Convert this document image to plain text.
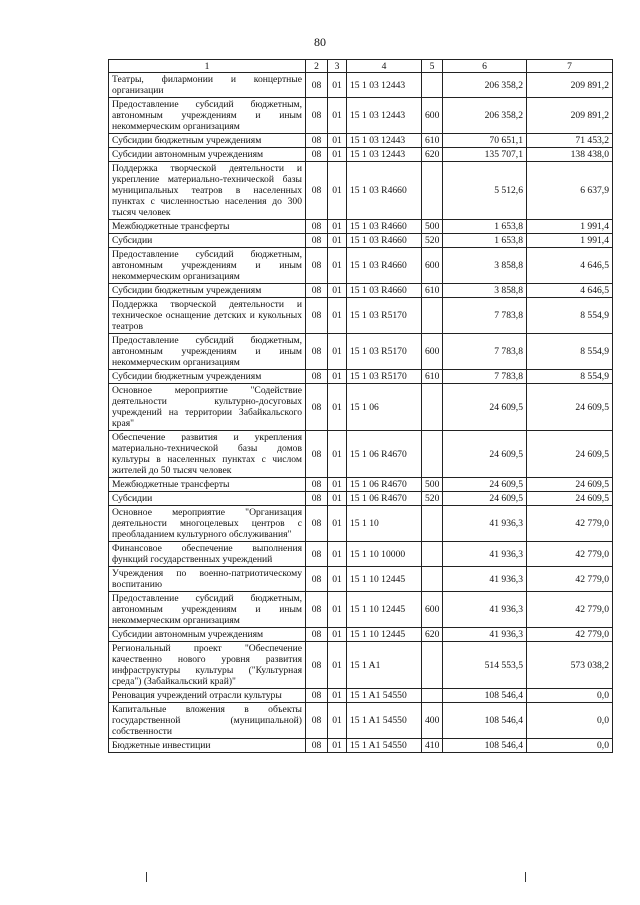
80
1	2	3	4	5	6	7
Театры, филармонии и концертные организации	08	01	15 1 03 12443		206 358,2	209 891,2
Предоставление субсидий бюджетным, автономным учреждениям и иным некоммерческим организациям	08	01	15 1 03 12443	600	206 358,2	209 891,2
Субсидии бюджетным учреждениям	08	01	15 1 03 12443	610	70 651,1	71 453,2
Субсидии автономным учреждениям	08	01	15 1 03 12443	620	135 707,1	138 438,0
Поддержка творческой деятельности и укрепление материально-технической базы муниципальных театров в населенных пунктах с численностью населения до 300 тысяч человек	08	01	15 1 03 R4660		5 512,6	6 637,9
Межбюджетные трансферты	08	01	15 1 03 R4660	500	1 653,8	1 991,4
Субсидии	08	01	15 1 03 R4660	520	1 653,8	1 991,4
Предоставление субсидий бюджетным, автономным учреждениям и иным некоммерческим организациям	08	01	15 1 03 R4660	600	3 858,8	4 646,5
Субсидии бюджетным учреждениям	08	01	15 1 03 R4660	610	3 858,8	4 646,5
Поддержка творческой деятельности и техническое оснащение детских и кукольных театров	08	01	15 1 03 R5170		7 783,8	8 554,9
Предоставление субсидий бюджетным, автономным учреждениям и иным некоммерческим организациям	08	01	15 1 03 R5170	600	7 783,8	8 554,9
Субсидии бюджетным учреждениям	08	01	15 1 03 R5170	610	7 783,8	8 554,9
Основное мероприятие "Содействие деятельности культурно-досуговых учреждений на территории Забайкальского края"	08	01	15 1 06		24 609,5	24 609,5
Обеспечение развития и укрепления материально-технической базы домов культуры в населенных пунктах с числом жителей до 50 тысяч человек	08	01	15 1 06 R4670		24 609,5	24 609,5
Межбюджетные трансферты	08	01	15 1 06 R4670	500	24 609,5	24 609,5
Субсидии	08	01	15 1 06 R4670	520	24 609,5	24 609,5
Основное мероприятие "Организация деятельности многоцелевых центров с преобладанием культурного обслуживания"	08	01	15 1 10		41 936,3	42 779,0
Финансовое обеспечение выполнения функций государственных учреждений	08	01	15 1 10 10000		41 936,3	42 779,0
Учреждения по военно-патриотическому воспитанию	08	01	15 1 10 12445		41 936,3	42 779,0
Предоставление субсидий бюджетным, автономным учреждениям и иным некоммерческим организациям	08	01	15 1 10 12445	600	41 936,3	42 779,0
Субсидии автономным учреждениям	08	01	15 1 10 12445	620	41 936,3	42 779,0
Региональный проект "Обеспечение качественно нового уровня развития инфраструктуры культуры ("Культурная среда") (Забайкальский край)"	08	01	15 1 A1		514 553,5	573 038,2
Реновация учреждений отрасли культуры	08	01	15 1 A1 54550		108 546,4	0,0
Капитальные вложения в объекты государственной (муниципальной) собственности	08	01	15 1 A1 54550	400	108 546,4	0,0
Бюджетные инвестиции	08	01	15 1 A1 54550	410	108 546,4	0,0
